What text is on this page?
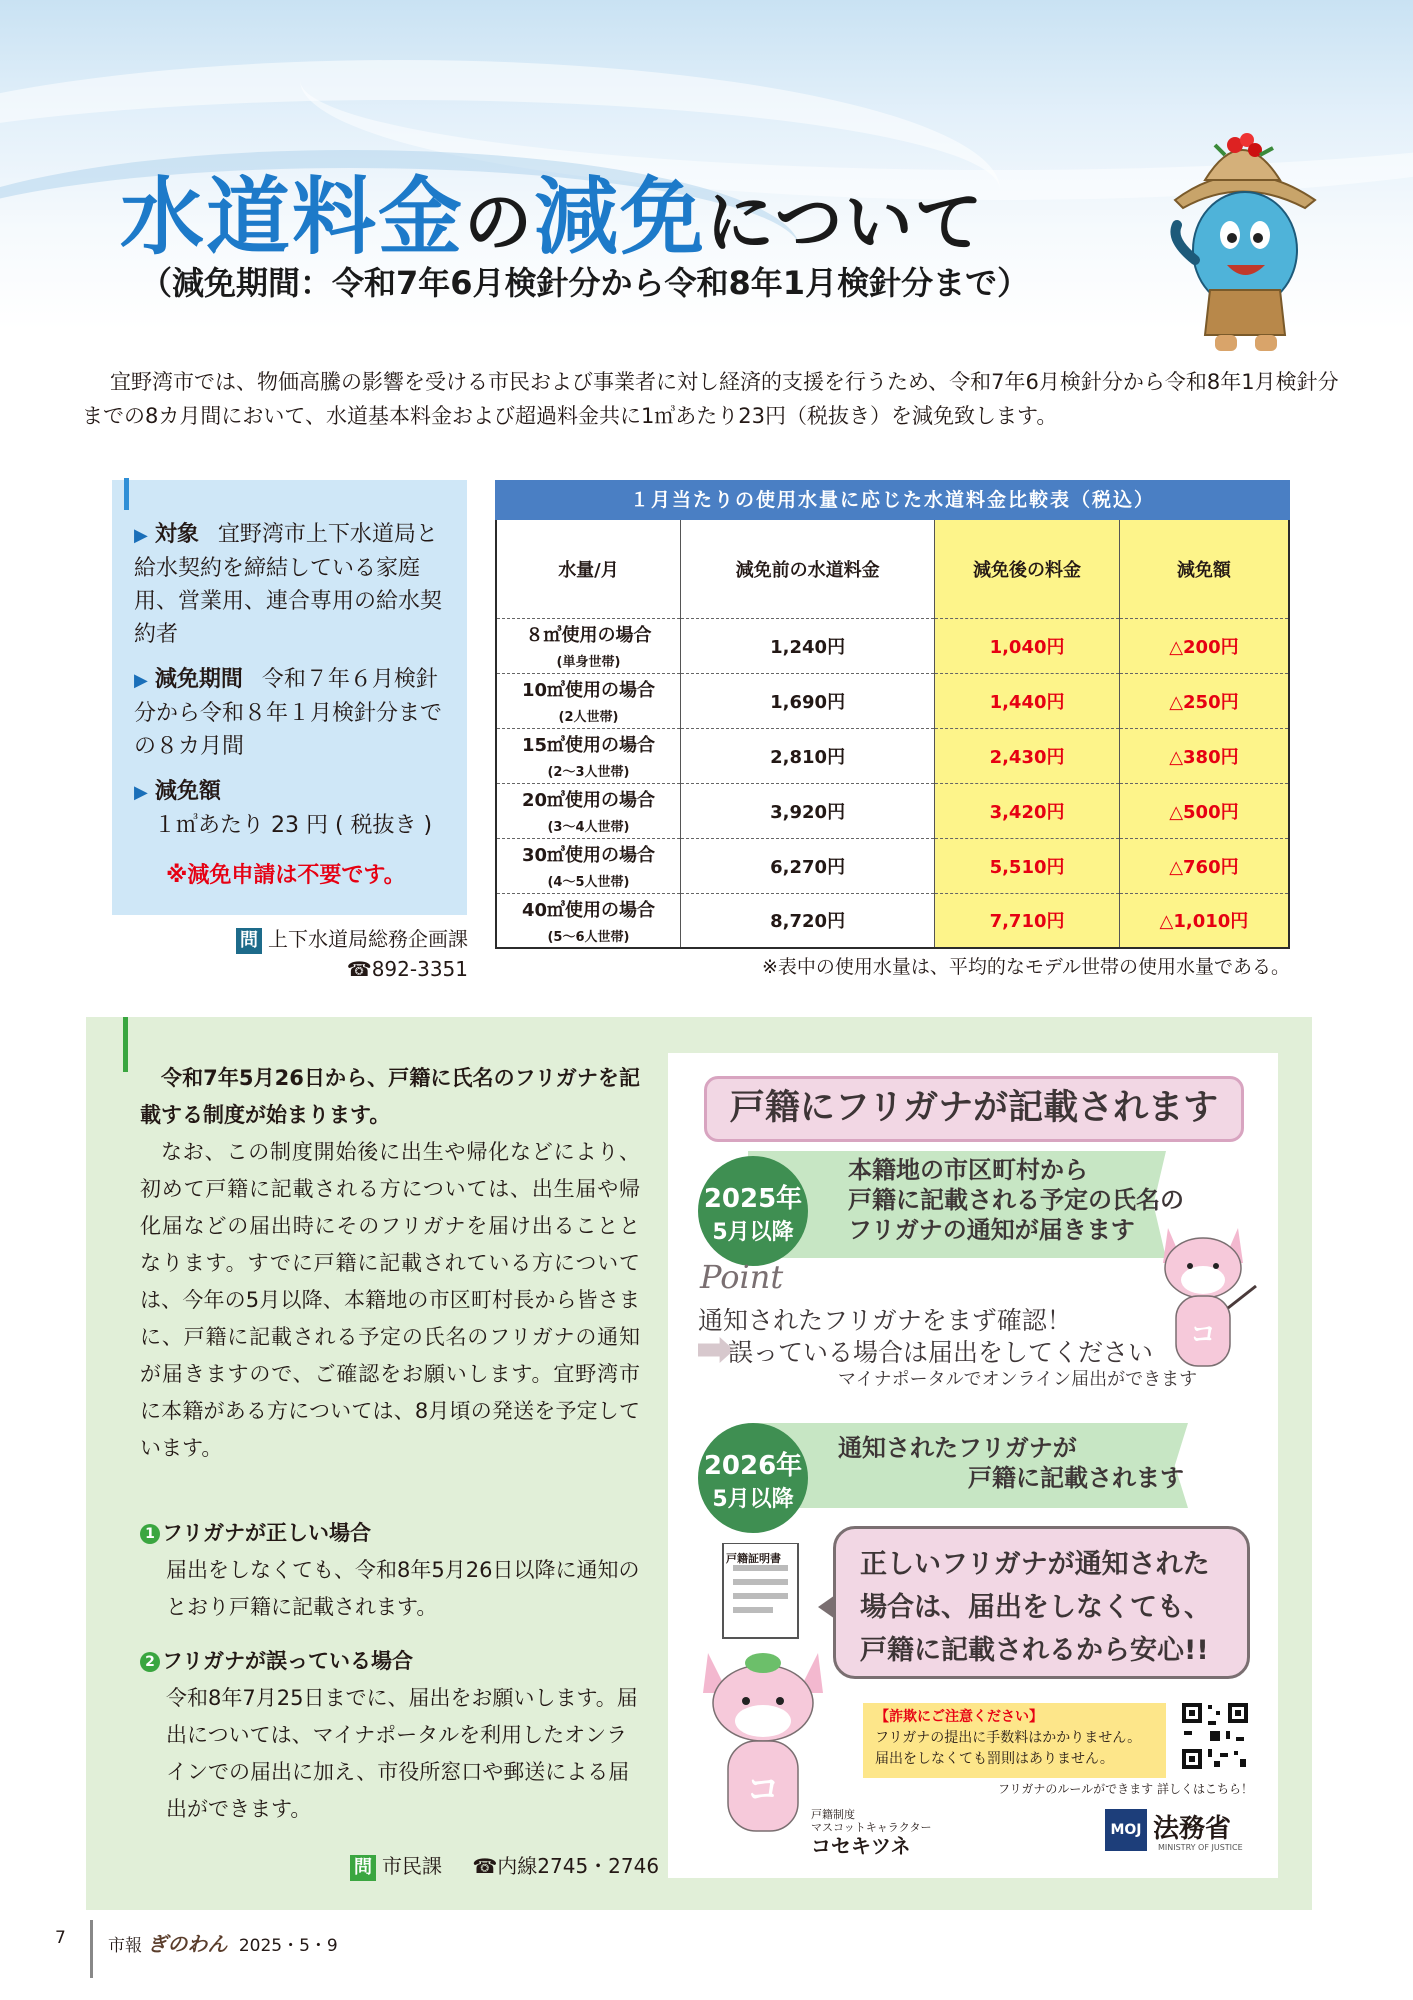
水道料金の減免について
（減免期間：令和7年6月検針分から令和8年1月検針分まで）

宜野湾市では、物価高騰の影響を受ける市民および事業者に対し経済的支援を行うため、令和7年6月検針分から令和8年1月検針分までの8カ月間において、水道基本料金および超過料金共に1㎥あたり23円（税抜き）を減免致します。

▶ 対象 宜野湾市上下水道局と給水契約を締結している家庭用、営業用、連合専用の給水契約者
▶ 減免期間 令和７年６月検針分から令和８年１月検針分までの８カ月間
▶ 減免額
１㎥あたり 23 円 ( 税抜き )
※減免申請は不要です。
問 上下水道局総務企画課
☎892-3351
１月当たりの使用水量に応じた水道料金比較表（税込）
水量/月	減免前の水道料金	減免後の料金	減免額
８㎥使用の場合
(単身世帯)	1,240円	1,040円	△200円
10㎥使用の場合
(2人世帯)	1,690円	1,440円	△250円
15㎥使用の場合
(2〜3人世帯)	2,810円	2,430円	△380円
20㎥使用の場合
(3〜4人世帯)	3,920円	3,420円	△500円
30㎥使用の場合
(4〜5人世帯)	6,270円	5,510円	△760円
40㎥使用の場合
(5〜6人世帯)	8,720円	7,710円	△1,010円
※表中の使用水量は、平均的なモデル世帯の使用水量である。

令和7年5月26日から、戸籍に氏名のフリガナを記載する制度が始まります。

なお、この制度開始後に出生や帰化などにより、初めて戸籍に記載される方については、出生届や帰化届などの届出時にそのフリガナを届け出ることとなります。すでに戸籍に記載されている方については、今年の5月以降、本籍地の市区町村長から皆さまに、戸籍に記載される予定の氏名のフリガナの通知が届きますので、ご確認をお願いします。宜野湾市に本籍がある方については、8月頃の発送を予定しています。

1 フリガナが正しい場合
届出をしなくても、令和8年5月26日以降に通知のとおり戸籍に記載されます。
2 フリガナが誤っている場合
令和8年7月25日までに、届出をお願いします。届出については、マイナポータルを利用したオンラインでの届出に加え、市役所窓口や郵送による届出ができます。
問 市民課 ☎内線2745・2746
戸籍にフリガナが記載されます
2025年
5月以降
本籍地の市区町村から
戸籍に記載される予定の氏名の
フリガナの通知が届きます
Point
通知されたフリガナをまず確認！
誤っている場合は届出をしてください
マイナポータルでオンライン届出ができます
2026年
5月以降
通知されたフリガナが
戸籍に記載されます
正しいフリガナが通知された
場合は、届出をしなくても、
戸籍に記載されるから安心!!
コ
コ
戸籍証明書
【詐欺にご注意ください】
フリガナの提出に手数料はかかりません。
届出をしなくても罰則はありません。
フリガナのルールができます 詳しくはこちら！
戸籍制度
マスコットキャラクター
コセキツネ
MOJ 法務省
MINISTRY OF JUSTICE
7 市報 ぎのわん 2025・5・9
